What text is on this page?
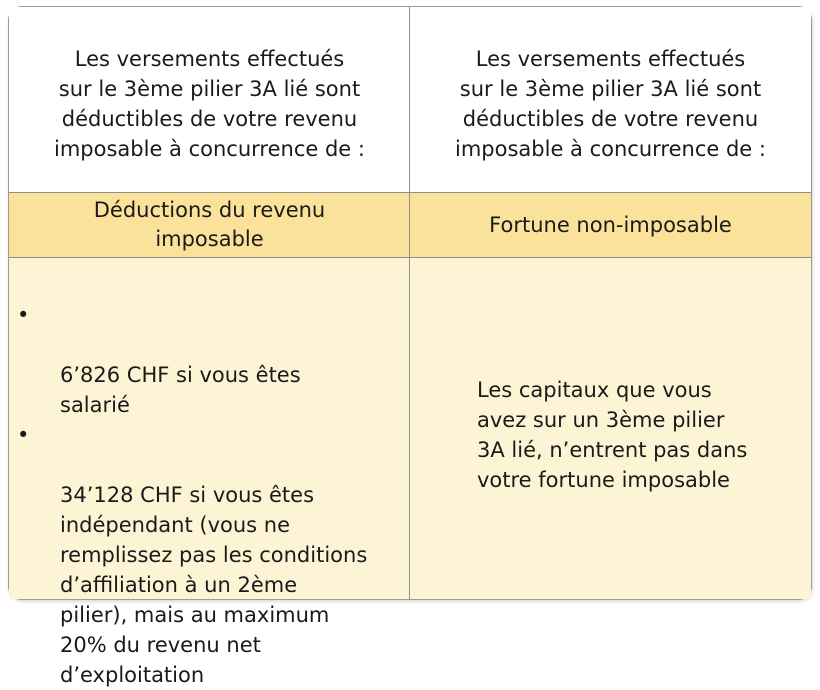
Les versements effectués
sur le 3ème pilier 3A lié sont
déductibles de votre revenu
imposable à concurrence de :
Les versements effectués
sur le 3ème pilier 3A lié sont
déductibles de votre revenu
imposable à concurrence de :
Déductions du revenu
imposable
Fortune non-imposable

•

6’826 CHF si vous êtes
salarié

•

34’128 CHF si vous êtes
indépendant (vous ne
remplissez pas les conditions
d’affiliation à un 2ème
pilier), mais au maximum
20% du revenu net
d’exploitation

Les capitaux que vous
avez sur un 3ème pilier
3A lié, n’entrent pas dans
votre fortune imposable
